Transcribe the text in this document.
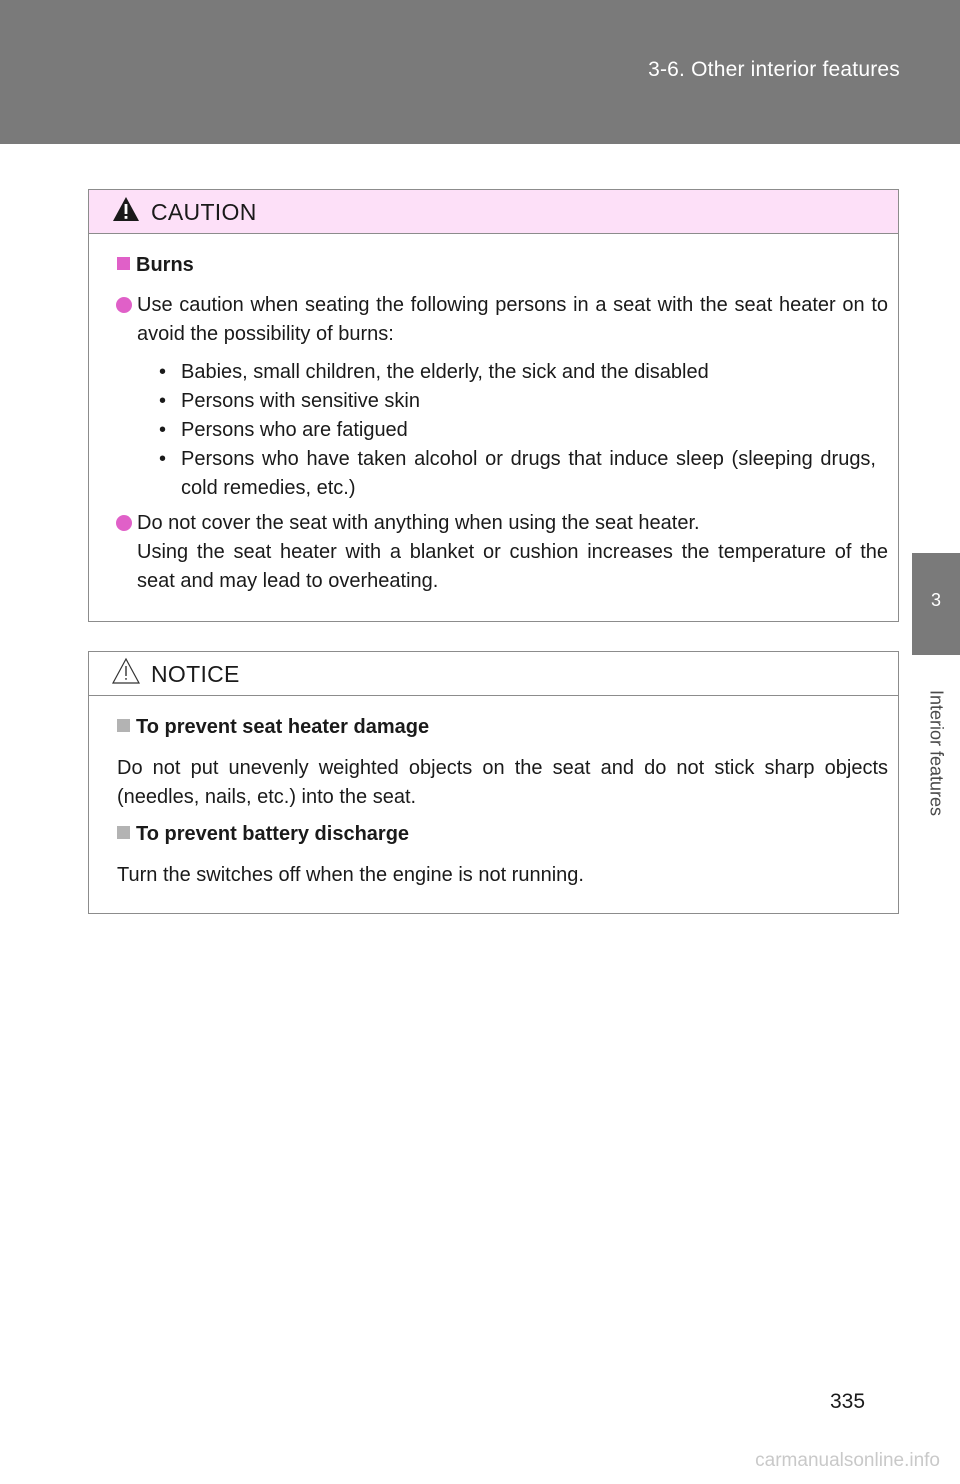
3-6. Other interior features
3
Interior features
CAUTION
Burns
Use caution when seating the following persons in a seat with the seat heater on to avoid the possibility of burns:
• Babies, small children, the elderly, the sick and the disabled
• Persons with sensitive skin
• Persons who are fatigued
• Persons who have taken alcohol or drugs that induce sleep (sleeping drugs, cold remedies, etc.)
Do not cover the seat with anything when using the seat heater.
Using the seat heater with a blanket or cushion increases the temperature of the seat and may lead to overheating.
NOTICE
To prevent seat heater damage
Do not put unevenly weighted objects on the seat and do not stick sharp objects (needles, nails, etc.) into the seat.
To prevent battery discharge
Turn the switches off when the engine is not running.
335
carmanualsonline.info
